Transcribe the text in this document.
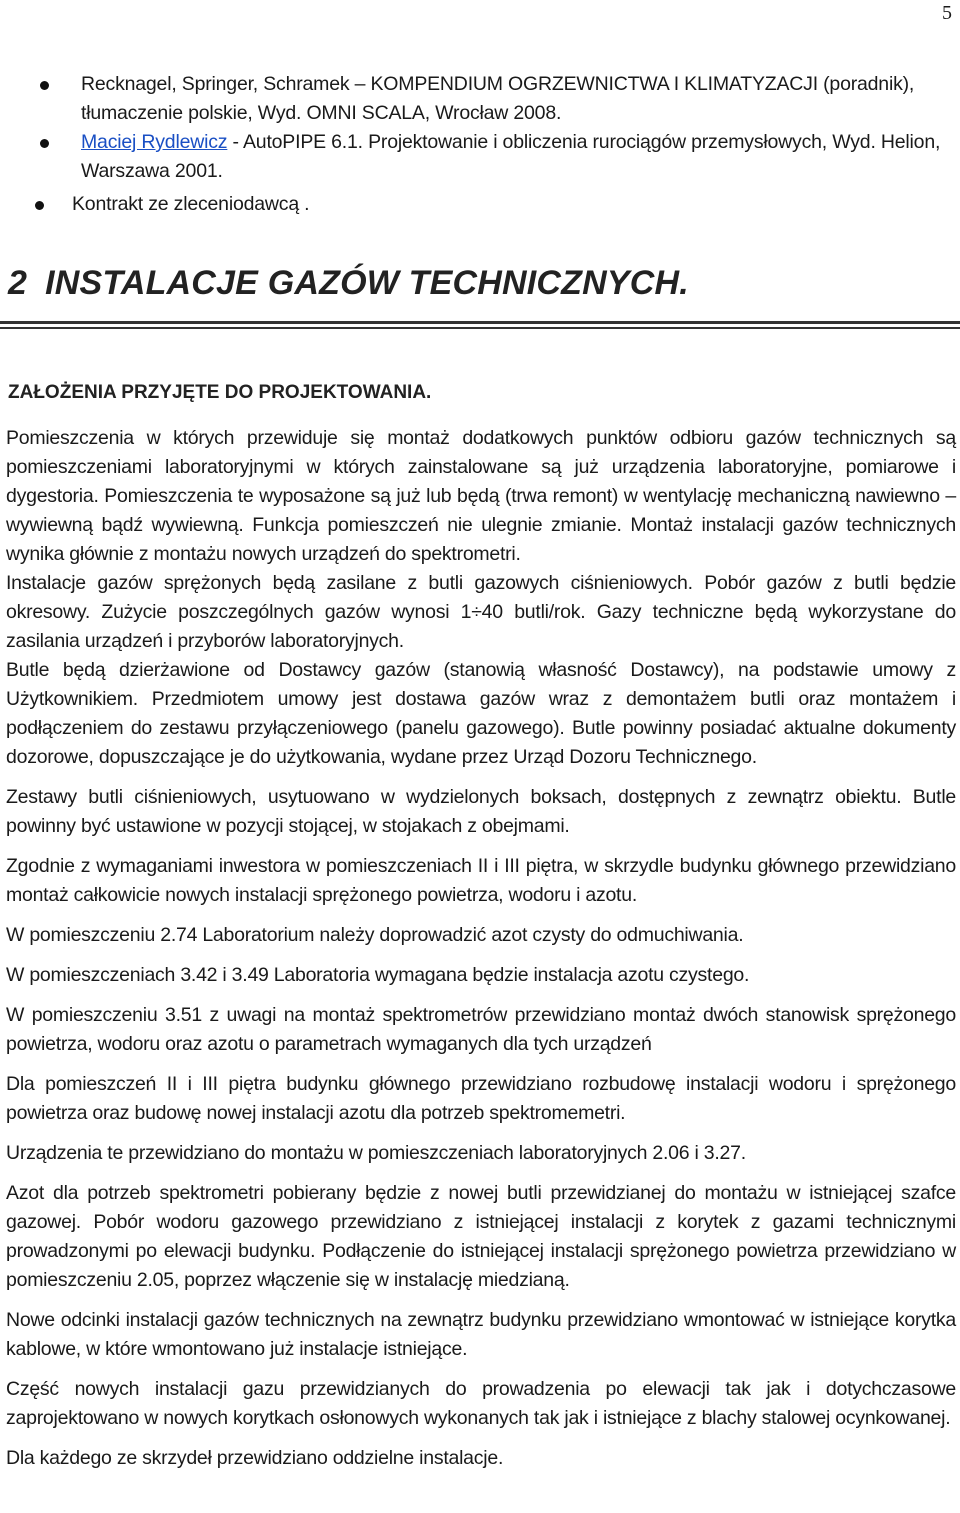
5
Recknagel, Springer, Schramek – KOMPENDIUM OGRZEWNICTWA I KLIMATYZACJI (poradnik), tłumaczenie polskie, Wyd. OMNI SCALA, Wrocław 2008.
Maciej Rydlewicz - AutoPIPE 6.1. Projektowanie i obliczenia rurociągów przemysłowych, Wyd. Helion, Warszawa 2001.
Kontrakt ze zleceniodawcą .
2 INSTALACJE GAZÓW TECHNICZNYCH.
ZAŁOŻENIA PRZYJĘTE DO PROJEKTOWANIA.

Pomieszczenia w których przewiduje się montaż dodatkowych punktów odbioru gazów technicznych są pomieszczeniami laboratoryjnymi w których zainstalowane są już urządzenia laboratoryjne, pomiarowe i dygestoria. Pomieszczenia te wyposażone są już lub będą (trwa remont) w wentylację mechaniczną nawiewno –wywiewną bądź wywiewną. Funkcja pomieszczeń nie ulegnie zmianie. Montaż instalacji gazów technicznych wynika głównie z montażu nowych urządzeń do spektrometri.

Instalacje gazów sprężonych będą zasilane z butli gazowych ciśnieniowych. Pobór gazów z butli będzie okresowy. Zużycie poszczególnych gazów wynosi 1÷40 butli/rok. Gazy techniczne będą wykorzystane do zasilania urządzeń i przyborów laboratoryjnych.

Butle będą dzierżawione od Dostawcy gazów (stanowią własność Dostawcy), na podstawie umowy z Użytkownikiem. Przedmiotem umowy jest dostawa gazów wraz z demontażem butli oraz montażem i podłączeniem do zestawu przyłączeniowego (panelu gazowego). Butle powinny posiadać aktualne dokumenty dozorowe, dopuszczające je do użytkowania, wydane przez Urząd Dozoru Technicznego.

Zestawy butli ciśnieniowych, usytuowano w wydzielonych boksach, dostępnych z zewnątrz obiektu. Butle powinny być ustawione w pozycji stojącej, w stojakach z obejmami.

Zgodnie z wymaganiami inwestora w pomieszczeniach II i III piętra, w skrzydle budynku głównego przewidziano montaż całkowicie nowych instalacji sprężonego powietrza, wodoru i azotu.

W pomieszczeniu 2.74 Laboratorium należy doprowadzić azot czysty do odmuchiwania.

W pomieszczeniach 3.42 i 3.49 Laboratoria wymagana będzie instalacja azotu czystego.

W pomieszczeniu 3.51 z uwagi na montaż spektrometrów przewidziano montaż dwóch stanowisk sprężonego powietrza, wodoru oraz azotu o parametrach wymaganych dla tych urządzeń

Dla pomieszczeń II i III piętra budynku głównego przewidziano rozbudowę instalacji wodoru i sprężonego powietrza oraz budowę nowej instalacji azotu dla potrzeb spektromemetri.

Urządzenia te przewidziano do montażu w pomieszczeniach laboratoryjnych 2.06 i 3.27.

Azot dla potrzeb spektrometri pobierany będzie z nowej butli przewidzianej do montażu w istniejącej szafce gazowej. Pobór wodoru gazowego przewidziano z istniejącej instalacji z korytek z gazami technicznymi prowadzonymi po elewacji budynku. Podłączenie do istniejącej instalacji sprężonego powietrza przewidziano w pomieszczeniu 2.05, poprzez włączenie się w instalację miedzianą.

Nowe odcinki instalacji gazów technicznych na zewnątrz budynku przewidziano wmontować w istniejące korytka kablowe, w które wmontowano już instalacje istniejące.

Część nowych instalacji gazu przewidzianych do prowadzenia po elewacji tak jak i dotychczasowe zaprojektowano w nowych korytkach osłonowych wykonanych tak jak i istniejące z blachy stalowej ocynkowanej.

Dla każdego ze skrzydeł przewidziano oddzielne instalacje.
